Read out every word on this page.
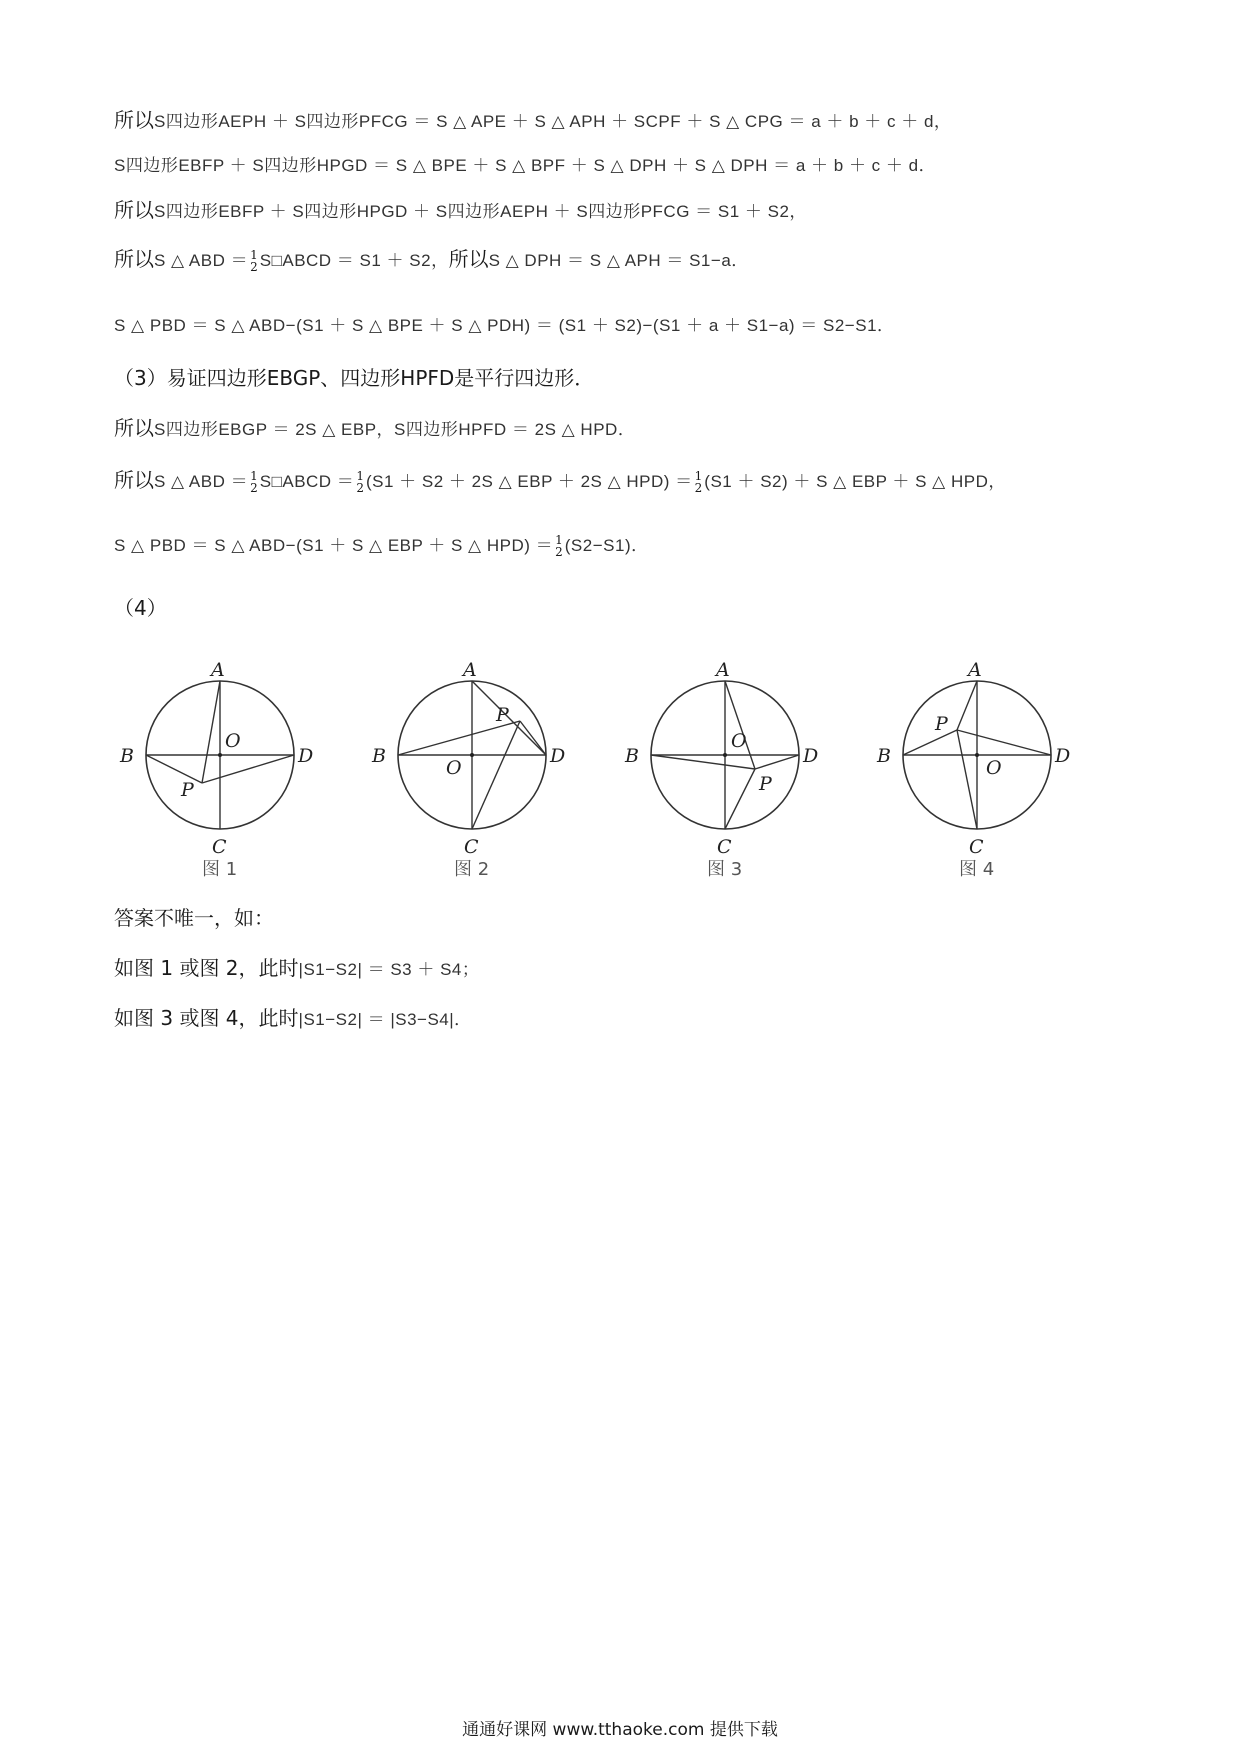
所以S四边形AEPH ＋ S四边形PFCG ＝ S △ APE ＋ S △ APH ＋ SCPF ＋ S △ CPG ＝ a ＋ b ＋ c ＋ d，
S四边形EBFP ＋ S四边形HPGD ＝ S △ BPE ＋ S △ BPF ＋ S △ DPH ＋ S △ DPH ＝ a ＋ b ＋ c ＋ d．
所以S四边形EBFP ＋ S四边形HPGD ＋ S四边形AEPH ＋ S四边形PFCG ＝ S1 ＋ S2，
所以S △ ABD ＝ 1
2 S□ABCD ＝ S1 ＋ S2，所以S △ DPH ＝ S △ APH ＝ S1−a．
S △ PBD ＝ S △ ABD−(S1 ＋ S △ BPE ＋ S △ PDH) ＝ (S1 ＋ S2)−(S1 ＋ a ＋ S1−a) ＝ S2−S1．
（3）易证四边形EBGP、四边形HPFD是平行四边形．
所以S四边形EBGP ＝ 2S △ EBP，S四边形HPFD ＝ 2S △ HPD．
所以S △ ABD ＝ 1
2 S□ABCD ＝ 1
2 (S1 ＋ S2 ＋ 2S △ EBP ＋ 2S △ HPD) ＝ 1
2 (S1 ＋ S2) ＋ S △ EBP ＋ S △ HPD，
S △ PBD ＝ S △ ABD−(S1 ＋ S △ EBP ＋ S △ HPD) ＝ 1
2 (S2−S1)．
（4）
A
B
C
D
O
P
图 1
A
B
C
D
O
P
图 2
A
B
C
D
O
P
图 3
A
B
C
D
O
P
图 4
答案不唯一，如：
如图 1 或图 2，此时|S1−S2| ＝ S3 ＋ S4；
如图 3 或图 4，此时|S1−S2| ＝ |S3−S4|．
通通好课网 www.tthaoke.com 提供下载
